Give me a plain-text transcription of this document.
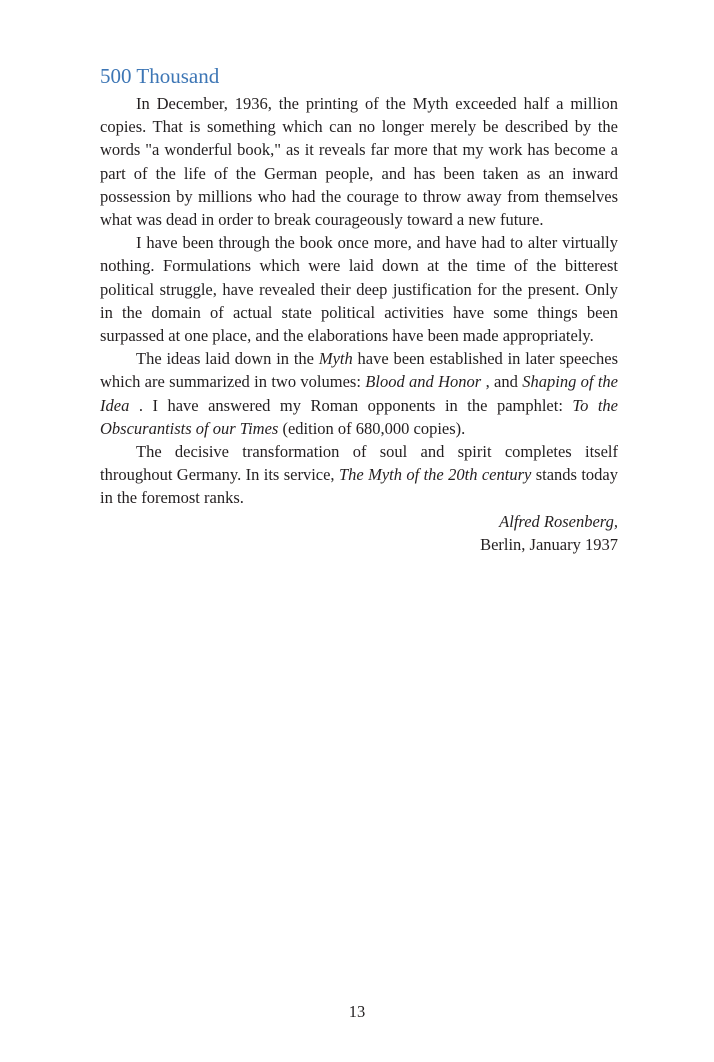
500 Thousand

In December, 1936, the printing of the Myth exceeded half a million copies. That is something which can no longer merely be described by the words "a wonderful book," as it reveals far more that my work has become a part of the life of the German people, and has been taken as an inward possession by millions who had the courage to throw away from themselves what was dead in order to break courageously toward a new future.

I have been through the book once more, and have had to alter virtually nothing. Formulations which were laid down at the time of the bitterest political struggle, have revealed their deep justification for the present. Only in the domain of actual state political activities have some things been surpassed at one place, and the elaborations have been made appropriately.

The ideas laid down in the Myth have been established in later speeches which are summarized in two volumes: Blood and Honor , and Shaping of the Idea . I have answered my Roman opponents in the pamphlet: To the Obscurantists of our Times (edition of 680,000 copies).

The decisive transformation of soul and spirit completes itself throughout Germany. In its service, The Myth of the 20th century stands today in the foremost ranks.

Alfred Rosenberg,

Berlin, January 1937

13
